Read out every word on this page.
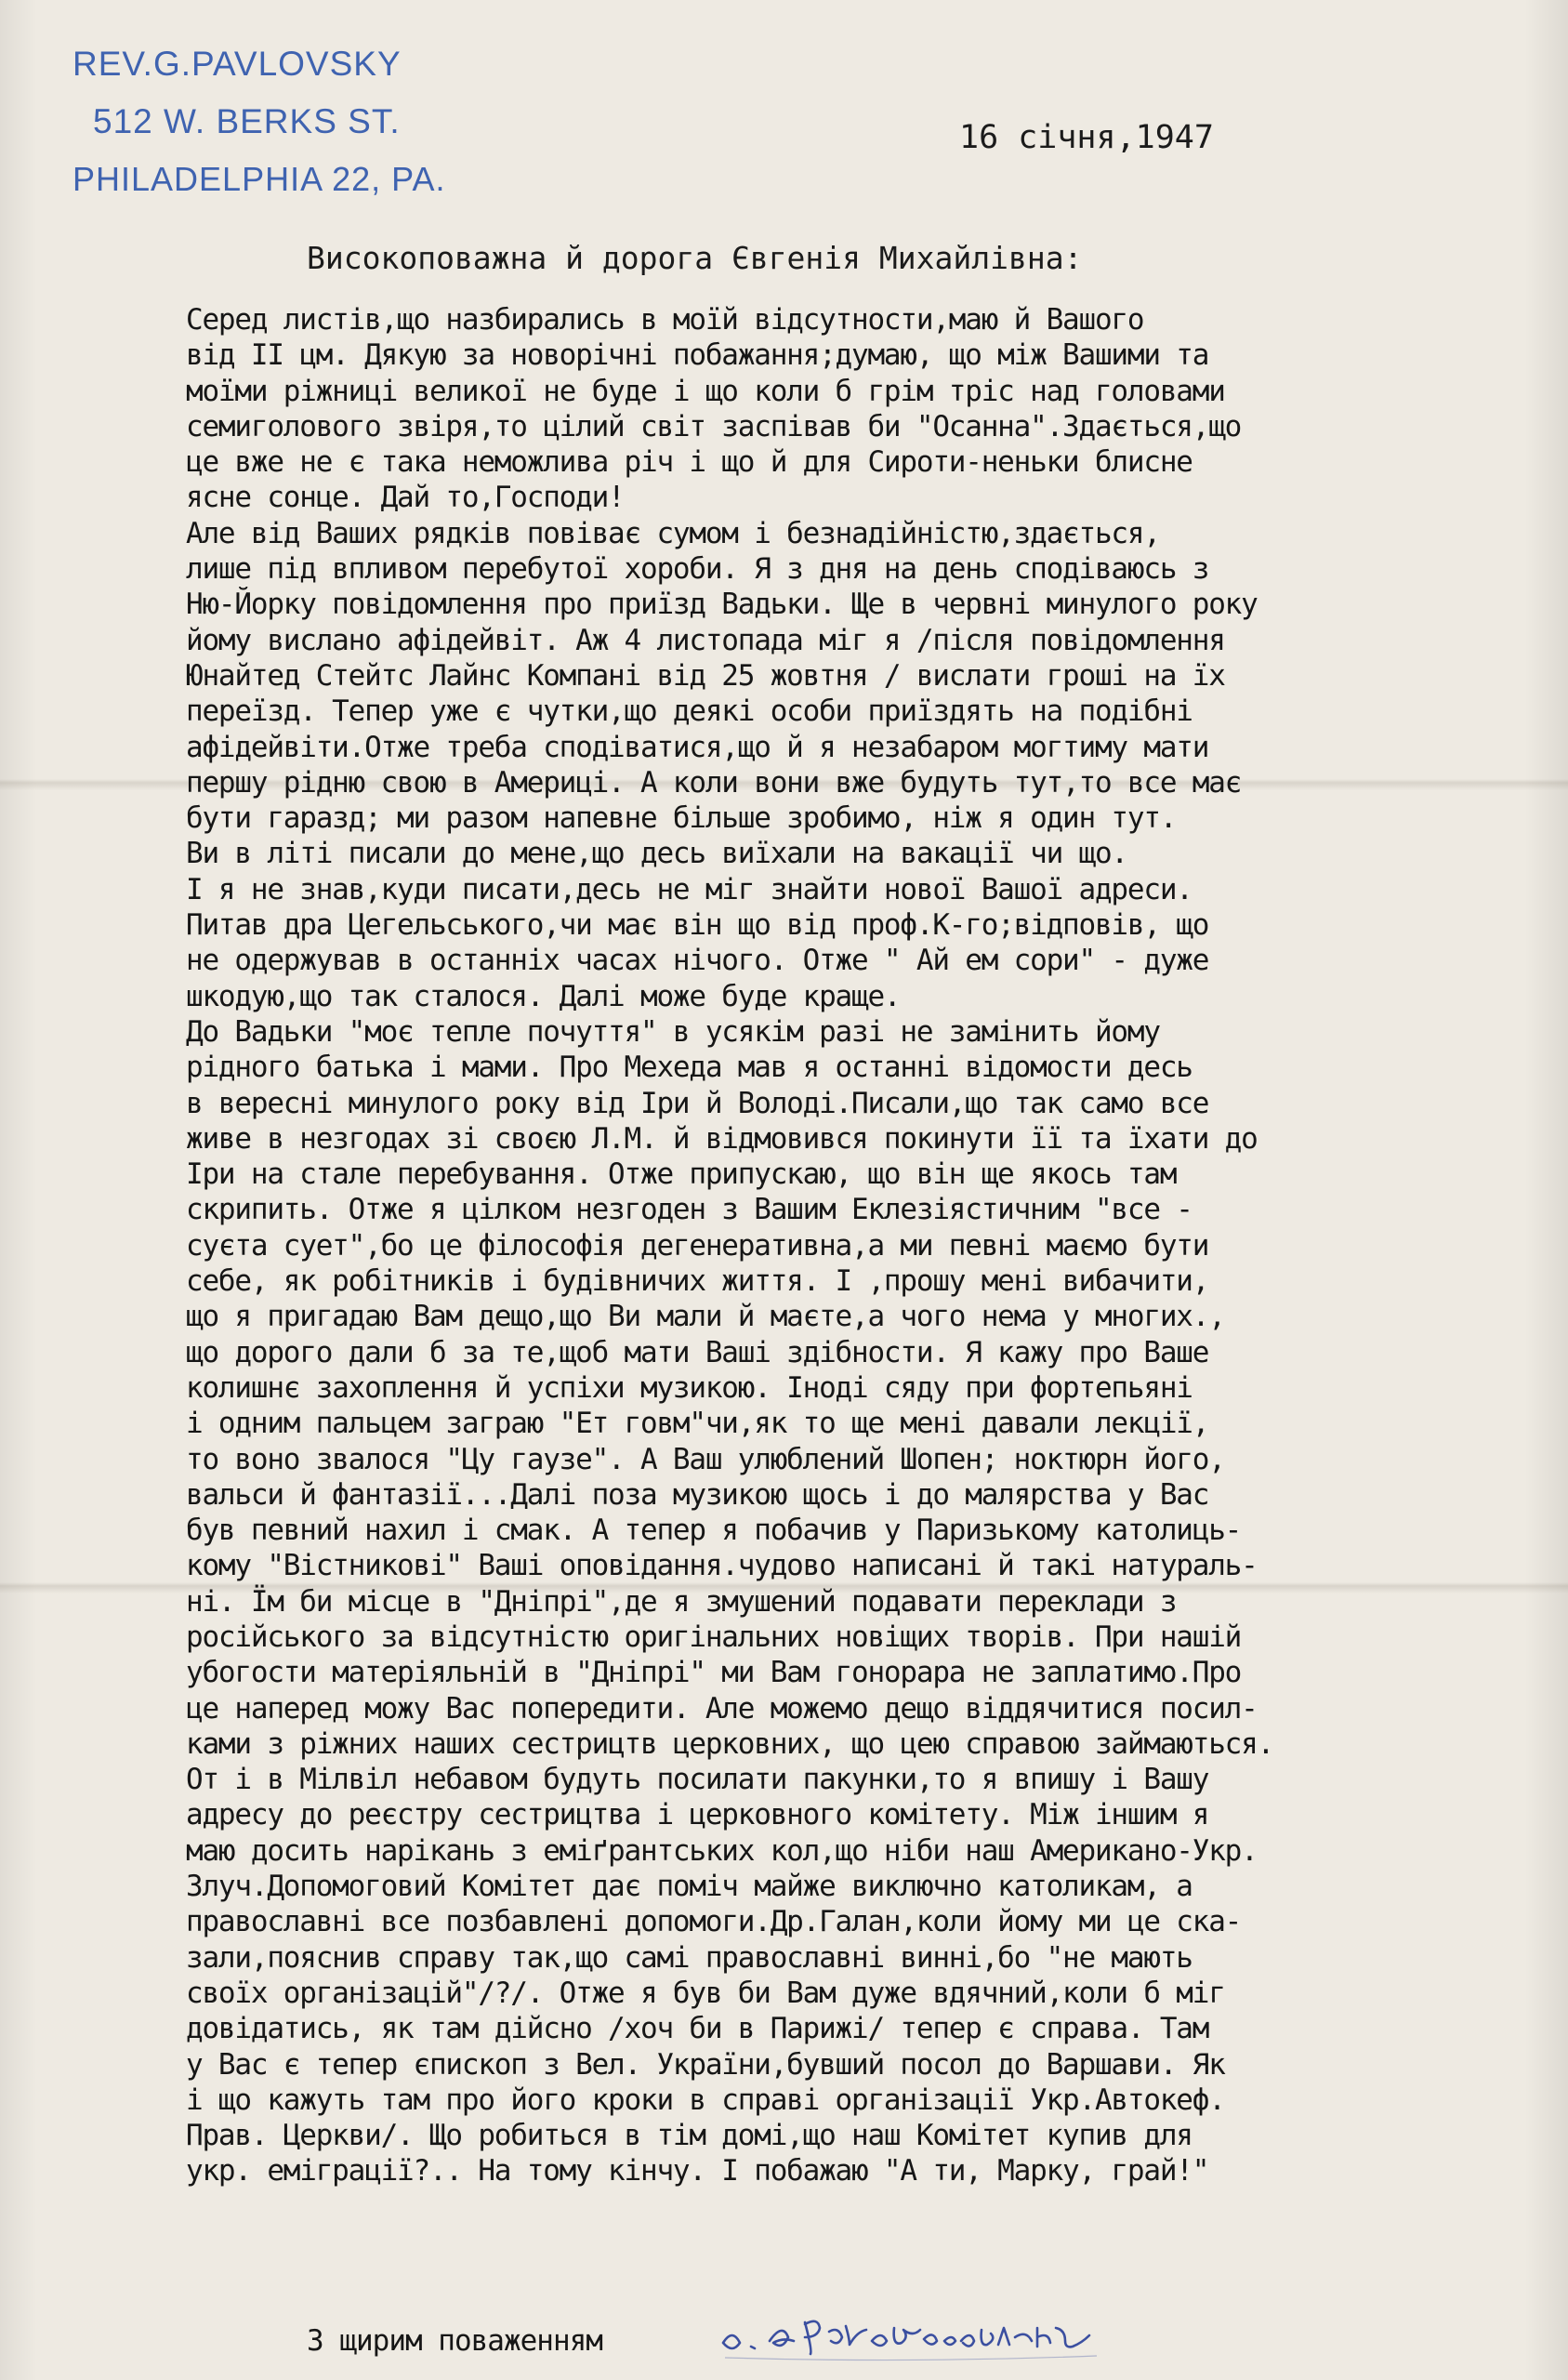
REV.G.PAVLOVSKY
512 W. BERKS ST.
PHILADELPHIA 22, PA.
16 січня,1947
Високоповажна й дорога Євгенія Михайлівна:
Серед листів,що назбирались в моїй відсутности,маю й Вашого
від II цм. Дякую за новорічні побажання;думаю, що між Вашими та
моїми ріжниці великої не буде і що коли б грім тріс над головами
семиголового звіря,то цілий світ заспівав би "Осанна".Здається,що
це вже не є така неможлива річ і що й для Сироти-неньки блисне
ясне сонце. Дай то,Господи!
Але від Ваших рядків повіває сумом і безнадійністю,здається,
лише під впливом перебутої хороби. Я з дня на день сподіваюсь з
Ню-Йорку повідомлення про приїзд Вадьки. Ще в червні минулого року
йому вислано афідейвіт. Аж 4 листопада міг я /після повідомлення
Юнайтед Стейтс Лайнс Компані від 25 жовтня / вислати гроші на їх
переїзд. Тепер уже є чутки,що деякі особи приїздять на подібні
афідейвіти.Отже треба сподіватися,що й я незабаром могтиму мати
першу рідню свою в Америці. А коли вони вже будуть тут,то все має
бути гаразд; ми разом напевне більше зробимо, ніж я один тут.
Ви в літі писали до мене,що десь виїхали на вакації чи що.
І я не знав,куди писати,десь не міг знайти нової Вашої адреси.
Питав дра Цегельського,чи має він що від проф.К-го;відповів, що
не одержував в останніх часах нічого. Отже " Ай ем сори" - дуже
шкодую,що так сталося. Далі може буде краще.
До Вадьки "моє тепле почуття" в усякім разі не замінить йому
рідного батька і мами. Про Мехеда мав я останні відомости десь
в вересні минулого року від Іри й Володі.Писали,що так само все
живе в незгодах зі своєю Л.М. й відмовився покинути її та їхати до
Іри на стале перебування. Отже припускаю, що він ще якось там
скрипить. Отже я цілком незгоден з Вашим Еклезіястичним "все -
суєта сует",бо це філософія дегенеративна,а ми певні маємо бути
себе, як робітників і будівничих життя. І ,прошу мені вибачити,
що я пригадаю Вам дещо,що Ви мали й маєте,а чого нема у многих.,
що дорого дали б за те,щоб мати Ваші здібности. Я кажу про Ваше
колишнє захоплення й успіхи музикою. Іноді сяду при фортепьяні
і одним пальцем заграю "Ет говм"чи,як то ще мені давали лекції,
то воно звалося "Цу гаузе". А Ваш улюблений Шопен; ноктюрн його,
вальси й фантазії...Далі поза музикою щось і до малярства у Вас
був певний нахил і смак. А тепер я побачив у Паризькому католиць-
кому "Вістникові" Ваші оповідання.чудово написані й такі натураль-
ні. Їм би місце в "Дніпрі",де я змушений подавати переклади з
російського за відсутністю оригінальних новіщих творів. При нашій
убогости матеріяльній в "Дніпрі" ми Вам гонорара не заплатимо.Про
це наперед можу Вас попередити. Але можемо дещо віддячитися посил-
ками з ріжних наших сестрицтв церковних, що цею справою займаються.
От і в Мілвіл небавом будуть посилати пакунки,то я впишу і Вашу
адресу до реєстру сестрицтва і церковного комітету. Між іншим я
маю досить нарікань з еміґрантських кол,що ніби наш Американо-Укр.
Злуч.Допомоговий Комітет дає поміч майже виключно католикам, а
православні все позбавлені допомоги.Др.Галан,коли йому ми це ска-
зали,пояснив справу так,що самі православні винні,бо "не мають
своїх організацій"/?/. Отже я був би Вам дуже вдячний,коли б міг
довідатись, як там дійсно /хоч би в Парижі/ тепер є справа. Там
у Вас є тепер єпископ з Вел. України,бувший посол до Варшави. Як
і що кажуть там про його кроки в справі організації Укр.Автокеф.
Прав. Церкви/. Що робиться в тім домі,що наш Комітет купив для
укр. еміграції?.. На тому кінчу. І побажаю "А ти, Марку, грай!"
З щирим поваженням
